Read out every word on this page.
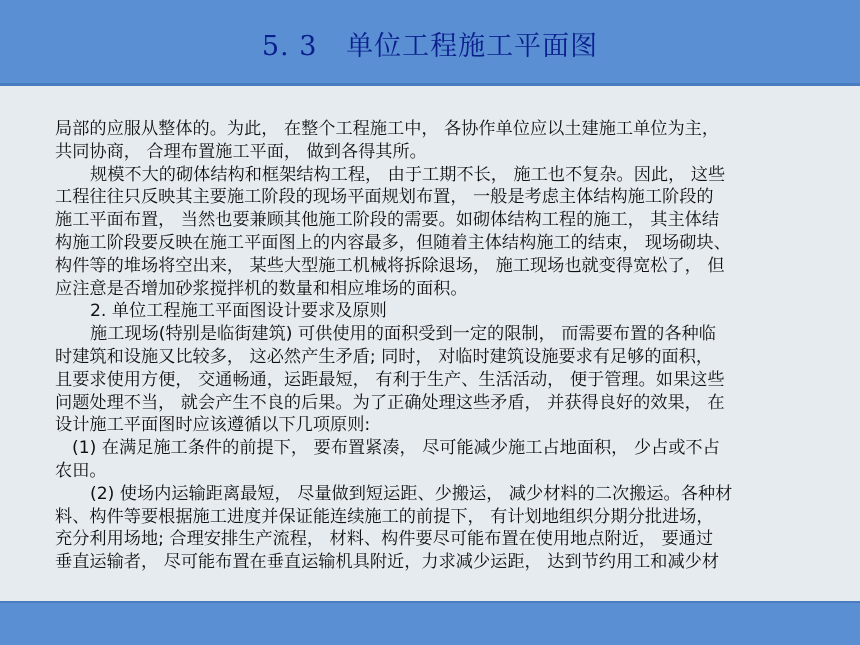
5. 3   单位工程施工平面图
局部的应服从整体的。为此， 在整个工程施工中， 各协作单位应以土建施工单位为主，
共同协商， 合理布置施工平面， 做到各得其所。
规模不大的砌体结构和框架结构工程， 由于工期不长， 施工也不复杂。因此， 这些
工程往往只反映其主要施工阶段的现场平面规划布置， 一般是考虑主体结构施工阶段的
施工平面布置， 当然也要兼顾其他施工阶段的需要。如砌体结构工程的施工， 其主体结
构施工阶段要反映在施工平面图上的内容最多，但随着主体结构施工的结束， 现场砌块、
构件等的堆场将空出来， 某些大型施工机械将拆除退场， 施工现场也就变得宽松了， 但
应注意是否增加砂浆搅拌机的数量和相应堆场的面积。
2. 单位工程施工平面图设计要求及原则
施工现场(特别是临街建筑) 可供使用的面积受到一定的限制， 而需要布置的各种临
时建筑和设施又比较多， 这必然产生矛盾; 同时， 对临时建筑设施要求有足够的面积，
且要求使用方便， 交通畅通，运距最短， 有利于生产、生活活动， 便于管理。如果这些
问题处理不当， 就会产生不良的后果。为了正确处理这些矛盾， 并获得良好的效果， 在
设计施工平面图时应该遵循以下几项原则:
(1) 在满足施工条件的前提下， 要布置紧凑， 尽可能减少施工占地面积， 少占或不占
农田。
(2) 使场内运输距离最短， 尽量做到短运距、少搬运， 减少材料的二次搬运。各种材
料、构件等要根据施工进度并保证能连续施工的前提下， 有计划地组织分期分批进场，
充分利用场地; 合理安排生产流程， 材料、构件要尽可能布置在使用地点附近， 要通过
垂直运输者， 尽可能布置在垂直运输机具附近，力求减少运距， 达到节约用工和减少材
